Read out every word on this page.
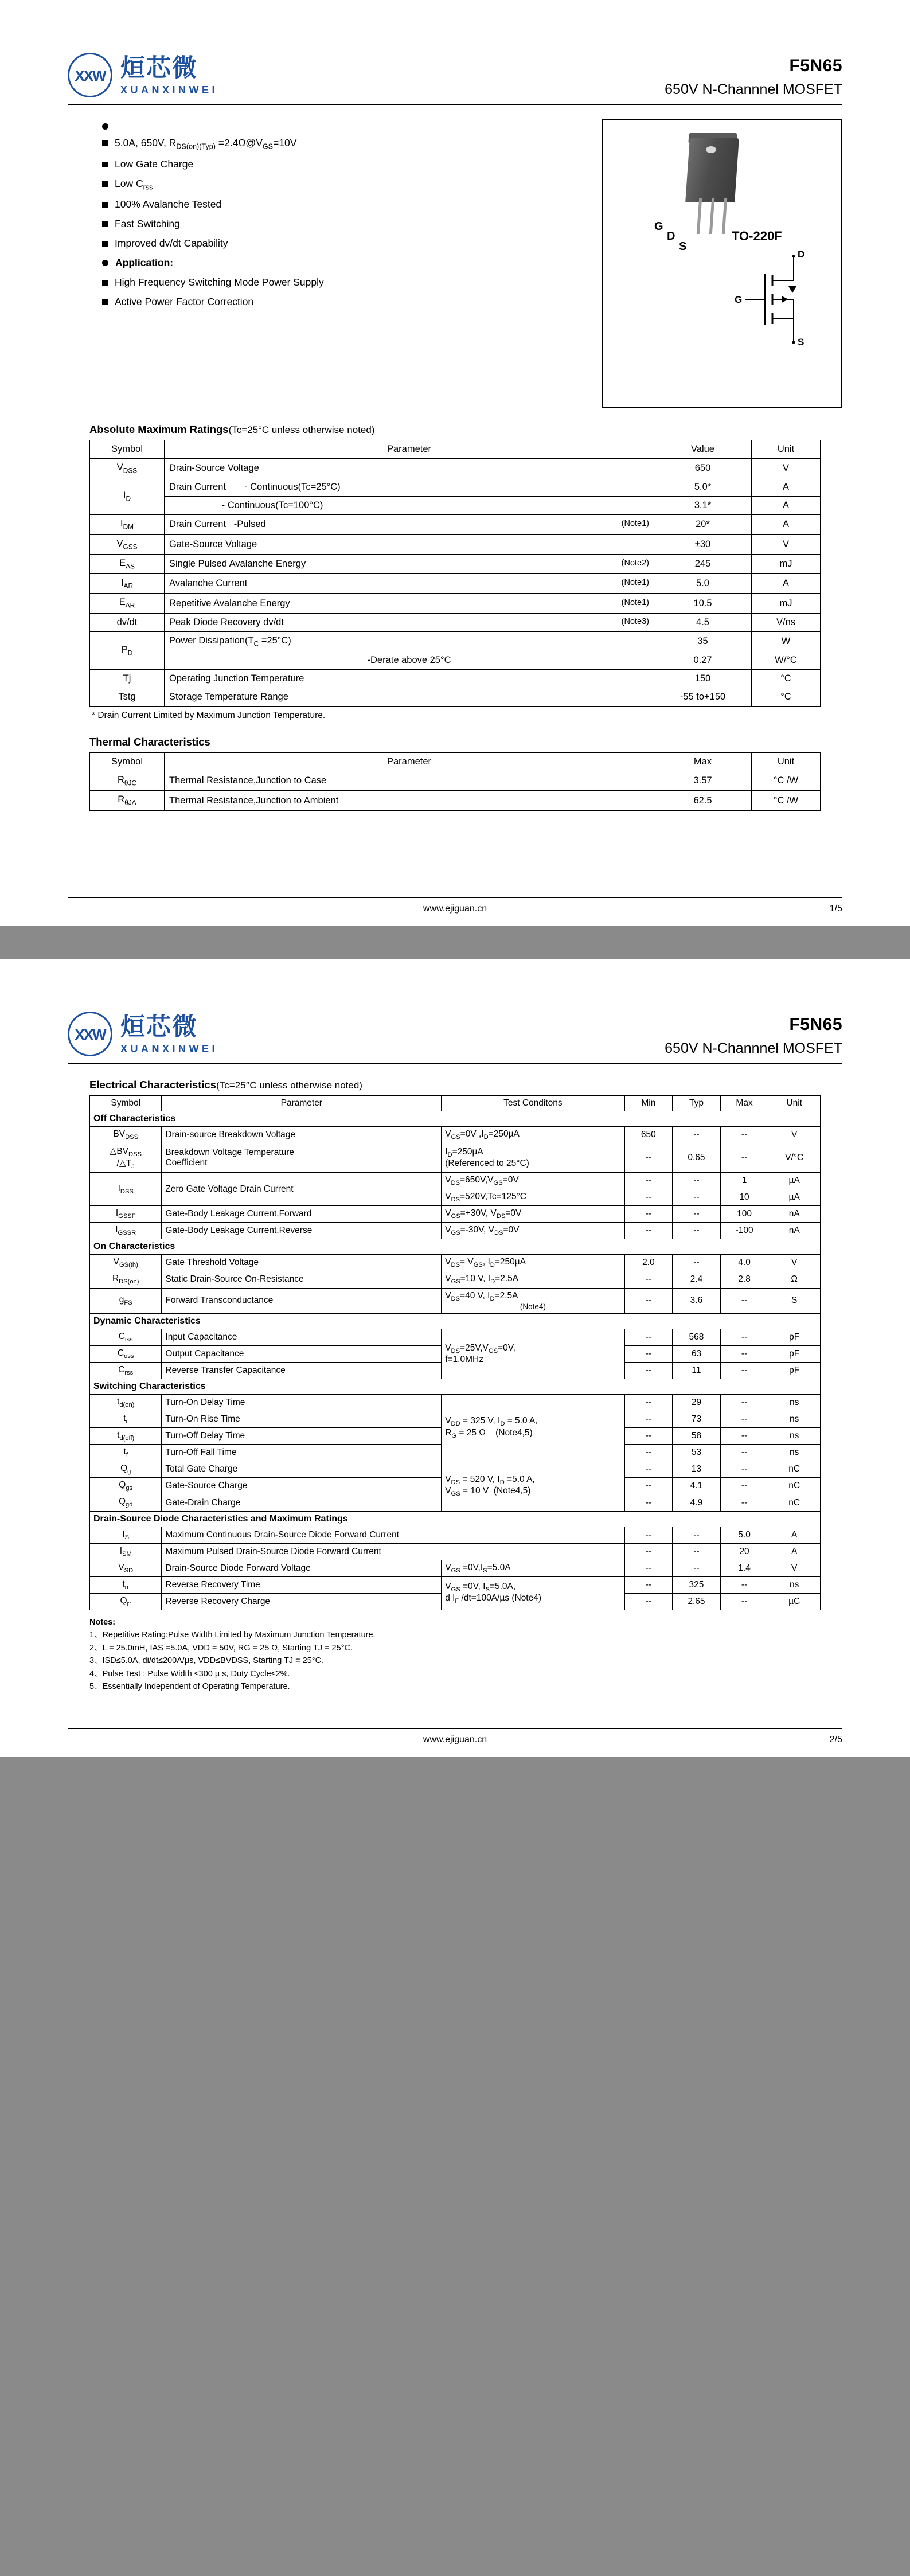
XXW 烜芯微
XUANXINWEI
F5N65
650V N-Channnel MOSFET
5.0A, 650V, $R_{DS(on)(Typ)}$ $=2.4\Omega@V_{GS}=10V$
Low Gate Charge
Low $C_{rss}$
100% Avalanche Tested
Fast Switching
Improved dv/dt Capability
Application:
High Frequency Switching Mode Power Supply
Active Power Factor Correction
G
D
S
TO-220F
D
G
S
Absolute Maximum Ratings(Tc=25°C unless otherwise noted)
Symbol	Parameter	Value	Unit
$V_{DSS}$	Drain-Source Voltage	650	V
$I_D$	Drain Current       - Continuous(Tc=25°C)	5.0*	A
	- Continuous(Tc=100°C)	3.1*	A
$I_{DM}$	Drain Current   -Pulsed (Note1)	20*	A
$V_{GSS}$	Gate-Source Voltage	±30	V
$E_{AS}$	Single Pulsed Avalanche Energy (Note2)	245	mJ
$I_{AR}$	Avalanche Current (Note1)	5.0	A
$E_{AR}$	Repetitive Avalanche Energy (Note1)	10.5	mJ
dv/dt	Peak Diode Recovery dv/dt (Note3)	4.5	V/ns
$P_D$	Power $Dissipation(T_C =25^\circ C)$	35	W
	-Derate above 25°C	0.27	W/°C
Tj	Operating Junction Temperature	150	°C
Tstg	Storage Temperature Range	-55 to+150	°C
* Drain Current Limited by Maximum Junction Temperature.
Thermal Characteristics
Symbol	Parameter	Max	Unit
$R_{\theta JC}$	Thermal Resistance,Junction to Case	3.57	°C /W
$R_{\theta JA}$	Thermal Resistance,Junction to Ambient	62.5	°C /W
www.ejiguan.cn	1/5
XXW 烜芯微
XUANXINWEI
F5N65
650V N-Channnel MOSFET
Electrical Characteristics(Tc=25°C unless otherwise noted)
Symbol	Parameter	Test Conditons	Min	Typ	Max	Unit
Off Characteristics						
$BV_{DSS}$	Drain-source Breakdown Voltage	$V_{GS}=0V$ $,I_D=250\mu A$	650	--	--	V
$\triangle BV_{DSS}$
$/\triangle T_J$	Breakdown Voltage Temperature
Coefficient	$I_D=250\mu A$
(Referenced to 25°C)	--	0.65	--	V/°C
$I_{DSS}$	Zero Gate Voltage Drain Current	$V_{DS}=650V,V_{GS}=0V$	--	--	1	µA
		$V_{DS}=520V,Tc=125^\circ C$	--	--	10	µA
$I_{GSSF}$	Gate-Body Leakage Current,Forward	$V_{GS}=+30V$, $V_{DS}=0V$	--	--	100	nA
$I_{GSSR}$	Gate-Body Leakage Current,Reverse	$V_{GS}=-30V$, $V_{DS}=0V$	--	--	-100	nA
On Characteristics						
$V_{GS(th)}$	Gate Threshold Voltage	$V_{DS}= V_{GS}$, $I_D=250\mu A$	2.0	--	4.0	V
$R_{DS(on)}$	Static Drain-Source On-Resistance	$V_{GS}=10$ V, $I_D=2.5A$	--	2.4	2.8	Ω
$g_{FS}$	Forward Transconductance	$V_{DS}=40$ V, $I_D=2.5A$
(Note4)	--	3.6	--	S
Dynamic Characteristics						
$C_{iss}$	Input Capacitance	$V_{DS}=25V,V_{GS}=0V$,
f=1.0MHz	--	568	--	pF
$C_{oss}$	Output Capacitance		--	63	--	pF
$C_{rss}$	Reverse Transfer Capacitance		--	11	--	pF
Switching Characteristics						
$t_{d(on)}$	Turn-On Delay Time	$V_{DD} = 325$ V, $I_D = 5.0$ A,
$R_G = 25$ Ω    (Note4,5)	--	29	--	ns
$t_r$	Turn-On Rise Time		--	73	--	ns
$t_{d(off)}$	Turn-Off Delay Time		--	58	--	ns
$t_f$	Turn-Off Fall Time		--	53	--	ns
$Q_g$	Total Gate Charge	$V_{DS} = 520$ V, $I_D =5.0$ A,
$V_{GS} = 10$ V  (Note4,5)	--	13	--	nC
$Q_{gs}$	Gate-Source Charge		--	4.1	--	nC
$Q_{gd}$	Gate-Drain Charge		--	4.9	--	nC
Drain-Source Diode Characteristics and Maximum Ratings						
$I_S$	Maximum Continuous Drain-Source Diode Forward Current		--	--	5.0	A
$I_{SM}$	Maximum Pulsed Drain-Source Diode Forward Current		--	--	20	A
$V_{SD}$	Drain-Source Diode Forward Voltage	$V_{GS} =0V,I_S=5.0A$	--	--	1.4	V
$t_{rr}$	Reverse Recovery Time	$V_{GS} =0V$, $I_S=5.0A$,
d $I_F$ /dt=100A/µs (Note4)	--	325	--	ns
$Q_{rr}$	Reverse Recovery Charge		--	2.65	--	µC
Notes:
1、Repetitive Rating:Pulse Width Limited by Maximum Junction Temperature.
2、L = 25.0mH, IAS =5.0A, VDD = 50V, RG = 25 Ω, Starting TJ = 25°C.
3、ISD≤5.0A, di/dt≤200A/µs, VDD≤BVDSS, Starting TJ = 25°C.
4、Pulse Test : Pulse Width ≤300 µ s, Duty Cycle≤2%.
5、Essentially Independent of Operating Temperature.
www.ejiguan.cn	2/5
